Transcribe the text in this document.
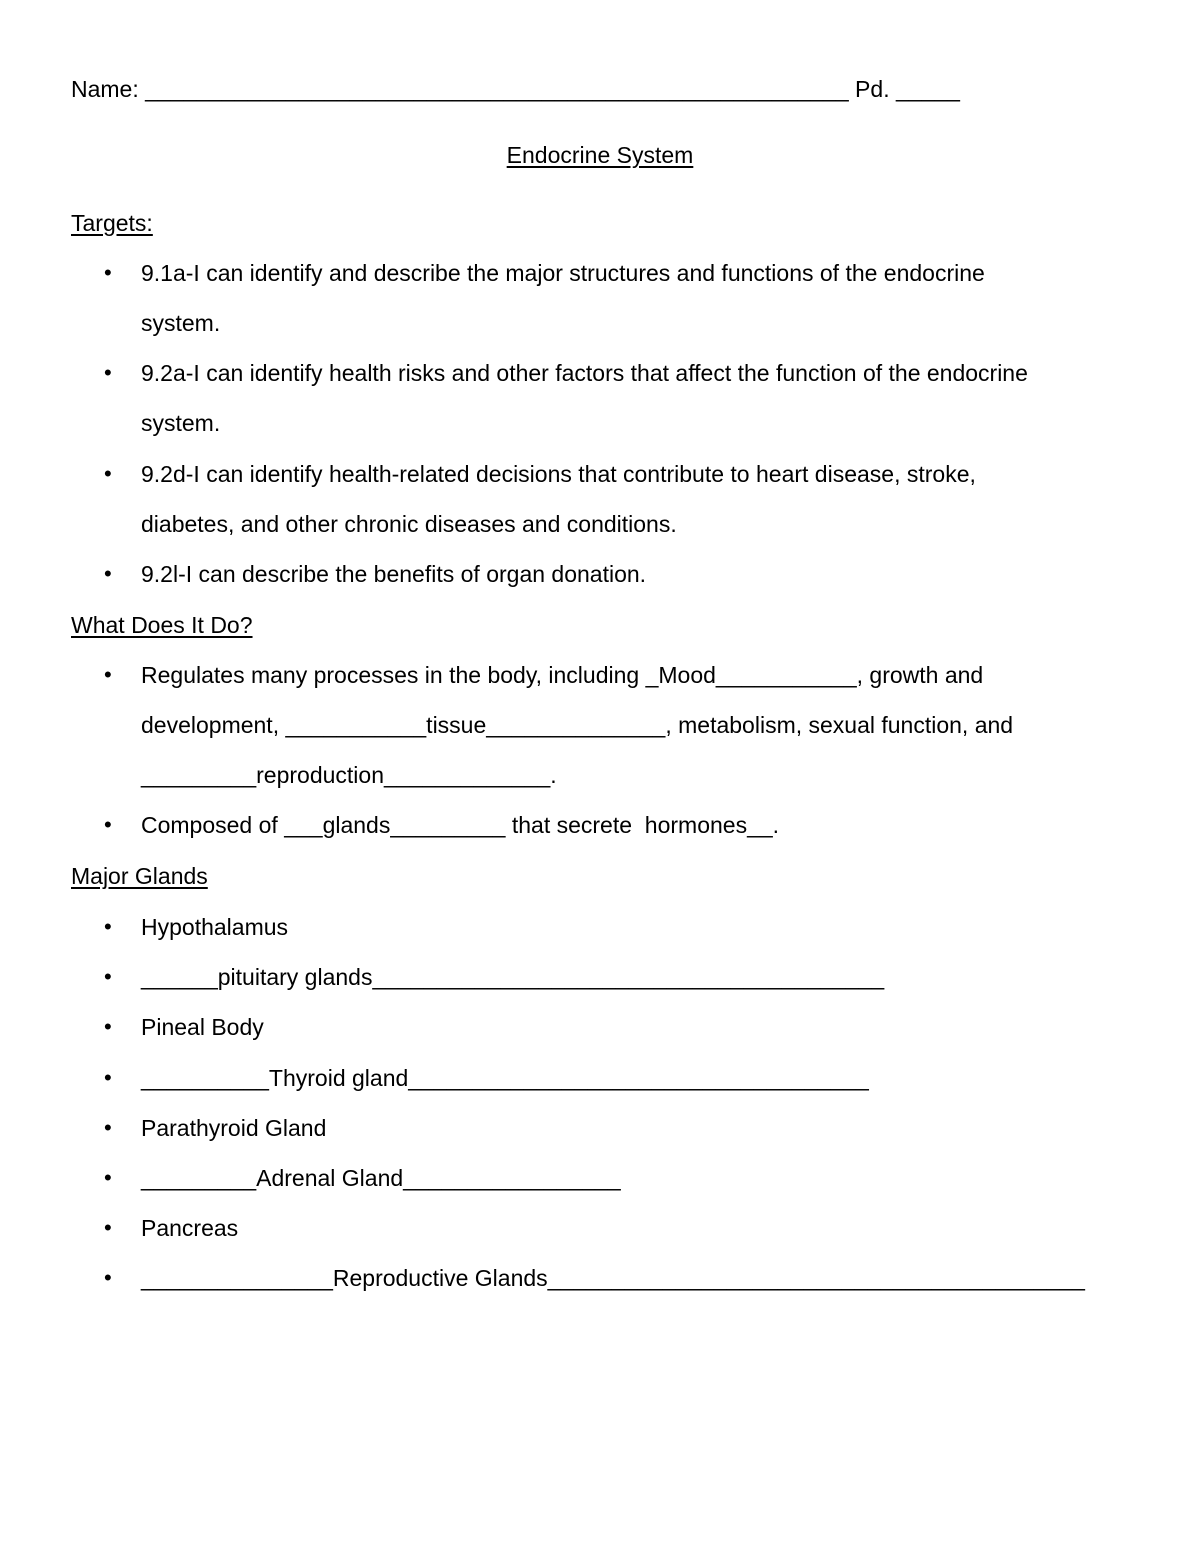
Name: _______________________________________________________ Pd. _____
Endocrine System
Targets:
• 9.1a-I can identify and describe the major structures and functions of the endocrine
system.
• 9.2a-I can identify health risks and other factors that affect the function of the endocrine
system.
• 9.2d-I can identify health-related decisions that contribute to heart disease, stroke,
diabetes, and other chronic diseases and conditions.
• 9.2l-I can describe the benefits of organ donation.
What Does It Do?
• Regulates many processes in the body, including _Mood___________, growth and
development, ___________tissue______________, metabolism, sexual function, and
_________reproduction_____________.
• Composed of ___glands_________ that secrete  hormones__.
Major Glands
• Hypothalamus
• ______pituitary glands________________________________________
• Pineal Body
• __________Thyroid gland____________________________________
• Parathyroid Gland
• _________Adrenal Gland_________________
• Pancreas
• _______________Reproductive Glands__________________________________________
